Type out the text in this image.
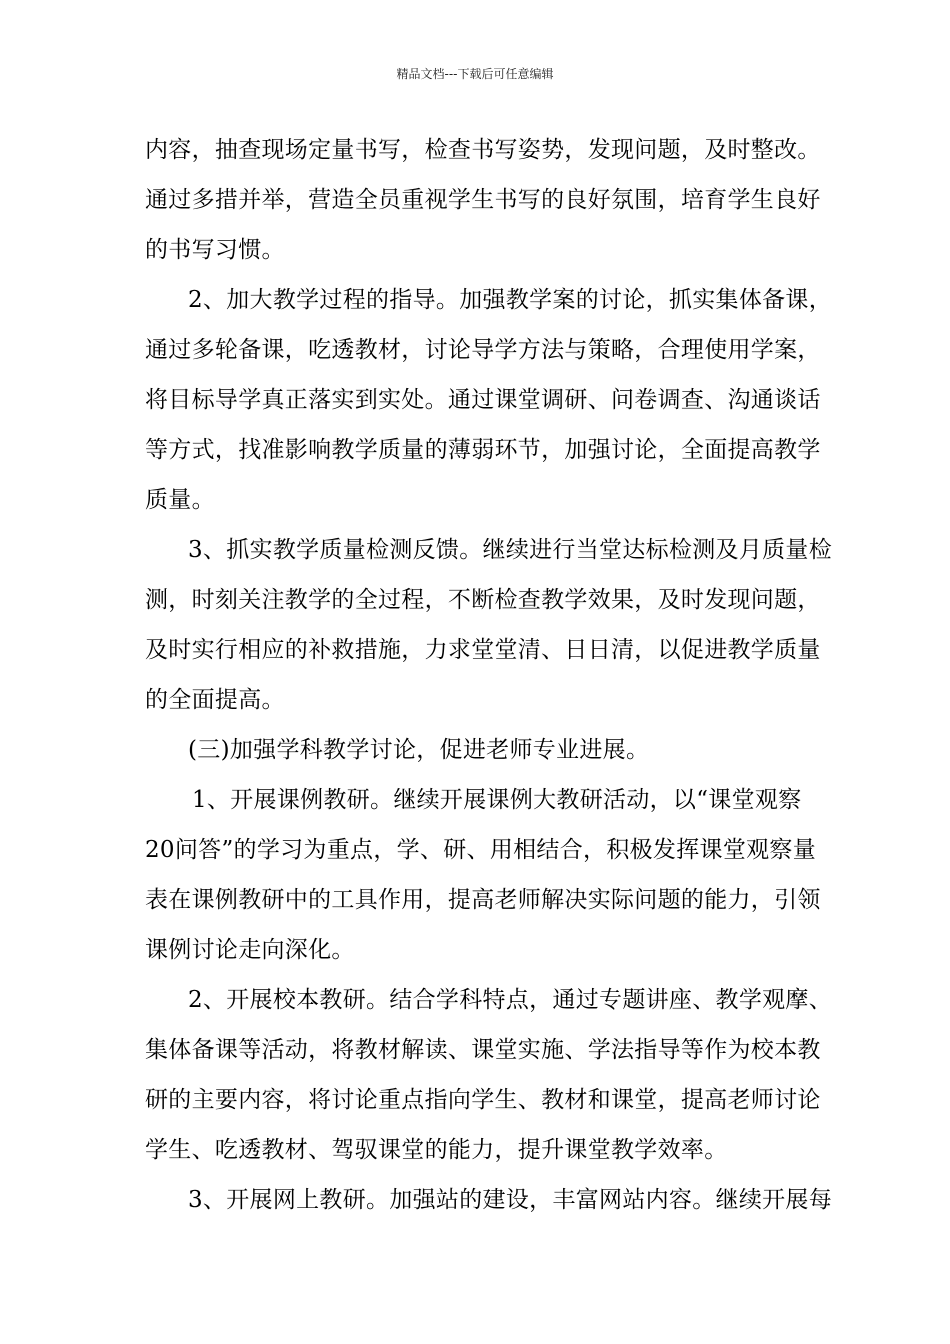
精品文档---下载后可任意编辑
内容，抽查现场定量书写，检查书写姿势，发现问题，及时整改。
通过多措并举，营造全员重视学生书写的良好氛围，培育学生良好
的书写习惯。
2、加大教学过程的指导。加强教学案的讨论，抓实集体备课，
通过多轮备课，吃透教材，讨论导学方法与策略，合理使用学案，
将目标导学真正落实到实处。通过课堂调研、问卷调查、沟通谈话
等方式，找准影响教学质量的薄弱环节，加强讨论，全面提高教学
质量。
3、抓实教学质量检测反馈。继续进行当堂达标检测及月质量检
测，时刻关注教学的全过程，不断检查教学效果，及时发现问题，
及时实行相应的补救措施，力求堂堂清、日日清，以促进教学质量
的全面提高。
(三)加强学科教学讨论，促进老师专业进展。
1、开展课例教研。继续开展课例大教研活动，以“课堂观察
20问答”的学习为重点，学、研、用相结合，积极发挥课堂观察量
表在课例教研中的工具作用，提高老师解决实际问题的能力，引领
课例讨论走向深化。
2、开展校本教研。结合学科特点，通过专题讲座、教学观摩、
集体备课等活动，将教材解读、课堂实施、学法指导等作为校本教
研的主要内容，将讨论重点指向学生、教材和课堂，提高老师讨论
学生、吃透教材、驾驭课堂的能力，提升课堂教学效率。
3、开展网上教研。加强站的建设，丰富网站内容。继续开展每
